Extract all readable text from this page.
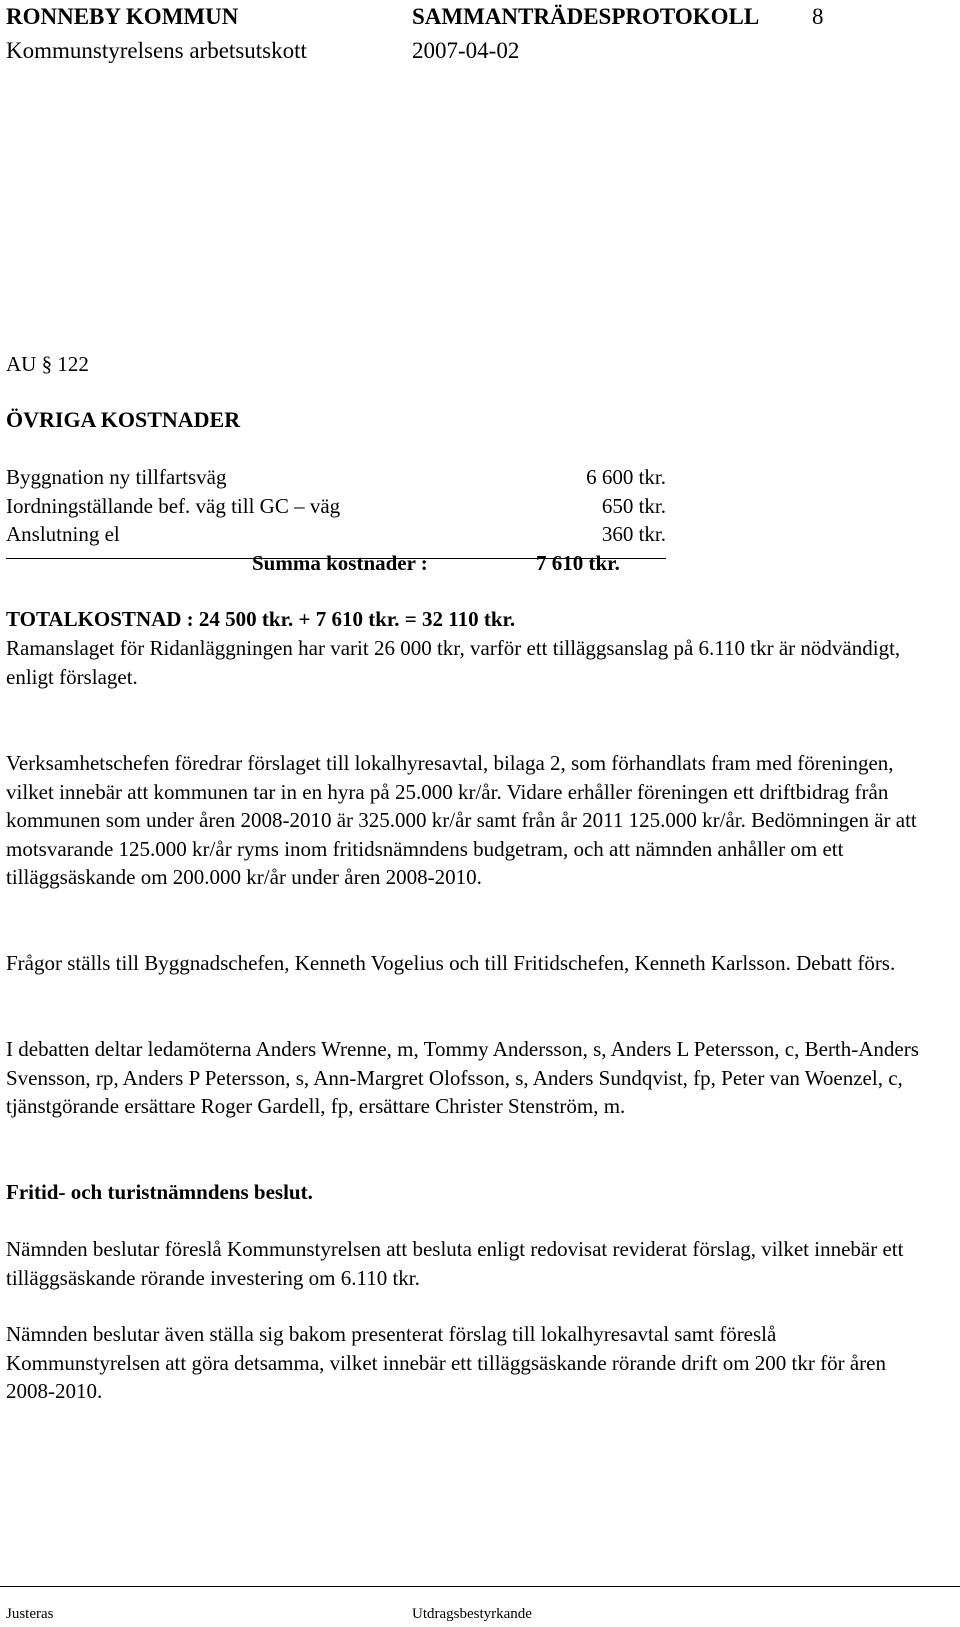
RONNEBY KOMMUN	SAMMANTRÄDESPROTOKOLL 8
Kommunstyrelsens arbetsutskott	2007-04-02
AU § 122
ÖVRIGA KOSTNADER
Byggnation ny tillfartsväg	6 600 tkr.
Iordningställande bef. väg till GC – väg	650 tkr.
Anslutning el	360 tkr.
Summa kostnader :	7 610 tkr.
TOTALKOSTNAD : 24 500 tkr. + 7 610 tkr. = 32 110 tkr.
Ramanslaget för Ridanläggningen har varit 26 000 tkr, varför ett tilläggsanslag på 6.110 tkr är nödvändigt, enligt förslaget.
Verksamhetschefen föredrar förslaget till lokalhyresavtal, bilaga 2, som förhandlats fram med föreningen, vilket innebär att kommunen tar in en hyra på 25.000 kr/år. Vidare erhåller föreningen ett driftbidrag från kommunen som under åren 2008-2010 är 325.000 kr/år samt från år 2011 125.000 kr/år. Bedömningen är att motsvarande 125.000 kr/år ryms inom fritidsnämndens budgetram, och att nämnden anhåller om ett tilläggsäskande om 200.000 kr/år under åren 2008-2010.
Frågor ställs till Byggnadschefen, Kenneth Vogelius och till Fritidschefen, Kenneth Karlsson. Debatt förs.
I debatten deltar ledamöterna Anders Wrenne, m, Tommy Andersson, s, Anders L Petersson, c, Berth-Anders Svensson, rp, Anders P Petersson, s, Ann-Margret Olofsson, s, Anders Sundqvist, fp, Peter van Woenzel, c, tjänstgörande ersättare Roger Gardell, fp, ersättare Christer Stenström, m.
Fritid- och turistnämndens beslut.
Nämnden beslutar föreslå Kommunstyrelsen att besluta enligt redovisat reviderat förslag, vilket innebär ett tilläggsäskande rörande investering om 6.110 tkr.
Nämnden beslutar även ställa sig bakom presenterat förslag till lokalhyresavtal samt föreslå Kommunstyrelsen att göra detsamma, vilket innebär ett tilläggsäskande rörande drift om 200 tkr för åren 2008-2010.
Justeras	Utdragsbestyrkande
